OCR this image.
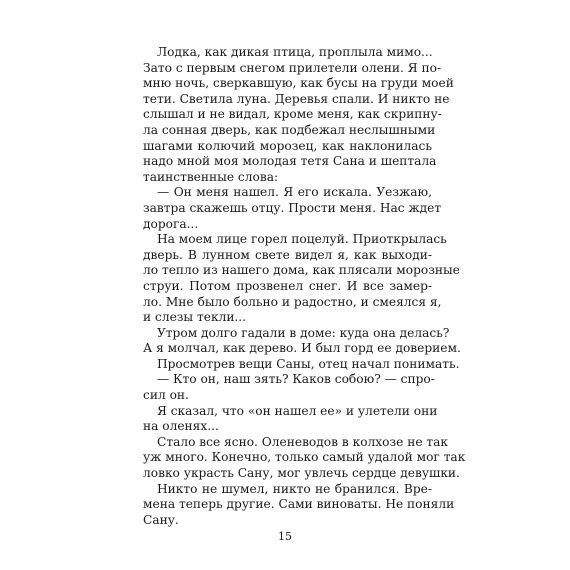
Лодка, как дикая птица, проплыла мимо...
Зато с первым снегом прилетели олени. Я по-
мню ночь, сверкавшую, как бусы на груди моей
тети. Светила луна. Деревья спали. И никто не
слышал и не видал, кроме меня, как скрипну-
ла сонная дверь, как подбежал неслышными
шагами колючий морозец, как наклонилась
надо мной моя молодая тетя Сана и шептала
таинственные слова:
— Он меня нашел. Я его искала. Уезжаю,
завтра скажешь отцу. Прости меня. Нас ждет
дорога...
На моем лице горел поцелуй. Приоткрылась
дверь. В лунном свете видел я, как выходи-
ло тепло из нашего дома, как плясали морозные
струи. Потом прозвенел снег. И все замер-
ло. Мне было больно и радостно, и смеялся я,
и слезы текли...
Утром долго гадали в доме: куда она делась?
А я молчал, как дерево. И был горд ее доверием.
Просмотрев вещи Саны, отец начал понимать.
— Кто он, наш зять? Каков собою? — спро-
сил он.
Я сказал, что «он нашел ее» и улетели они
на оленях...
Стало все ясно. Оленеводов в колхозе не так
уж много. Конечно, только самый удалой мог так
ловко украсть Сану, мог увлечь сердце девушки.
Никто не шумел, никто не бранился. Вре-
мена теперь другие. Сами виноваты. Не поняли
Сану.
15
